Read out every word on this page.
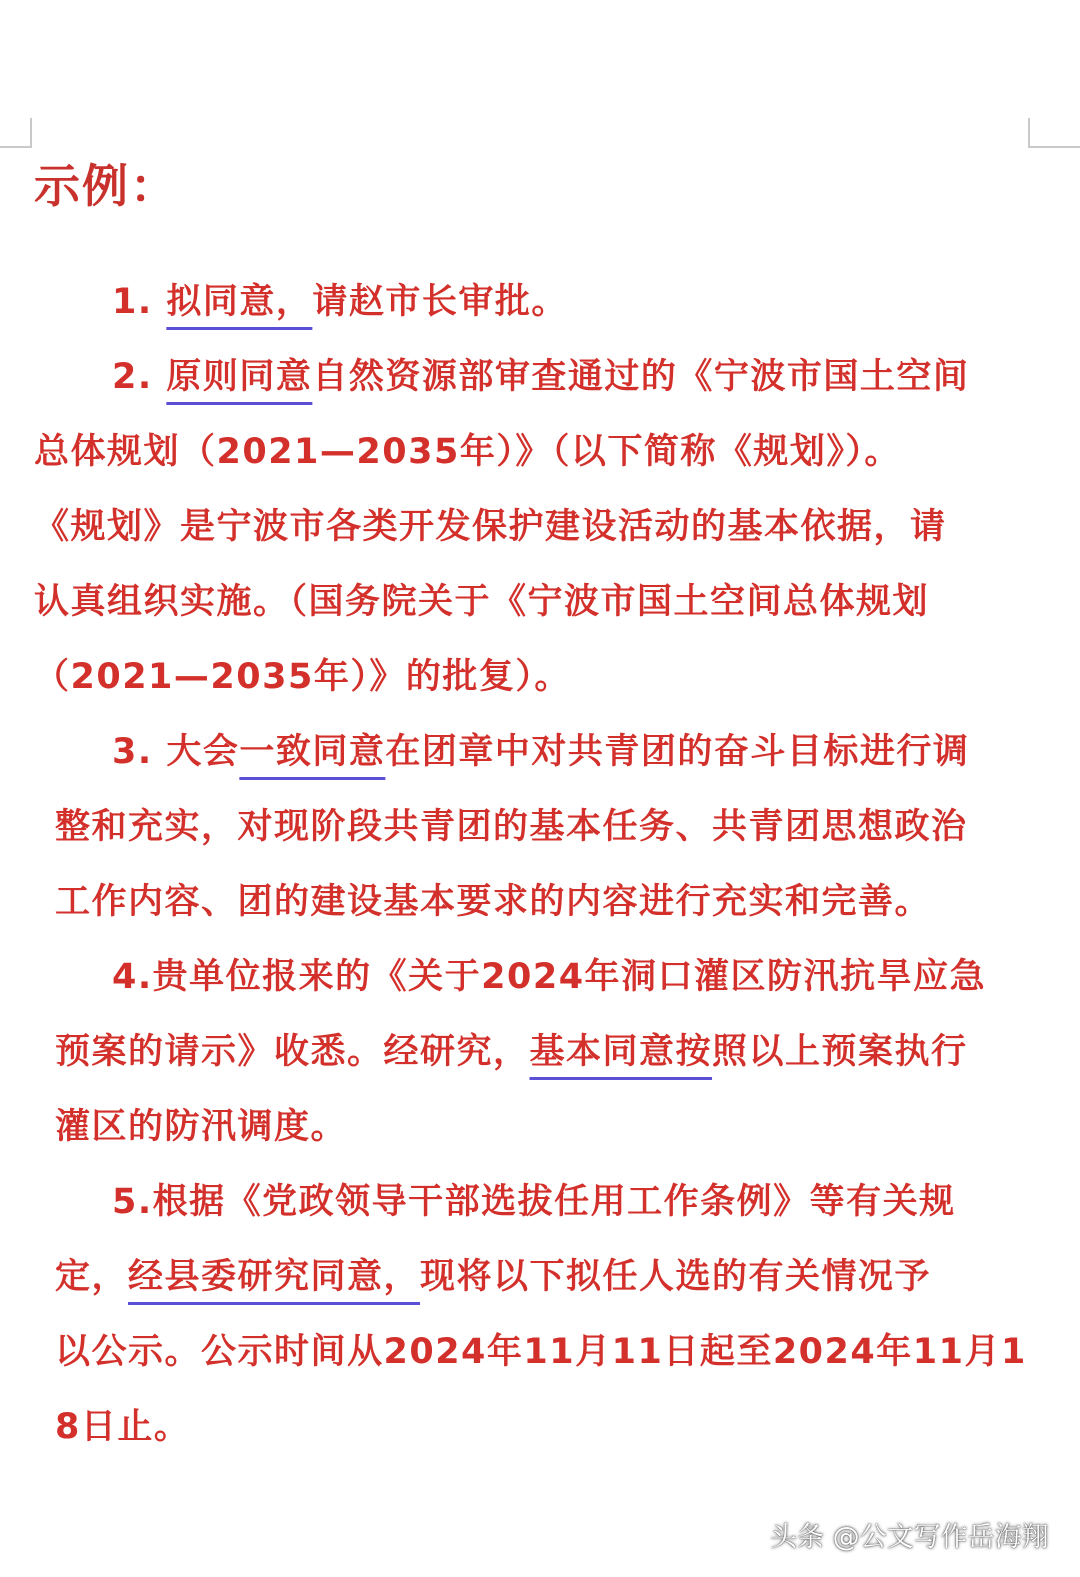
示例：
1. 拟同意，请赵市长审批。
2. 原则同意自然资源部审查通过的《宁波市国土空间
总体规划（2021—2035年）》（以下简称《规划》）。
《规划》是宁波市各类开发保护建设活动的基本依据，请
认真组织实施。（国务院关于《宁波市国土空间总体规划
（2021—2035年）》的批复）。
3. 大会一致同意在团章中对共青团的奋斗目标进行调
整和充实，对现阶段共青团的基本任务、共青团思想政治
工作内容、团的建设基本要求的内容进行充实和完善。
4.贵单位报来的《关于2024年洞口灌区防汛抗旱应急
预案的请示》收悉。经研究，基本同意按照以上预案执行
灌区的防汛调度。
5.根据《党政领导干部选拔任用工作条例》等有关规
定，经县委研究同意，现将以下拟任人选的有关情况予
以公示。公示时间从2024年11月11日起至2024年11月1
8日止。
头条 @公文写作岳海翔
